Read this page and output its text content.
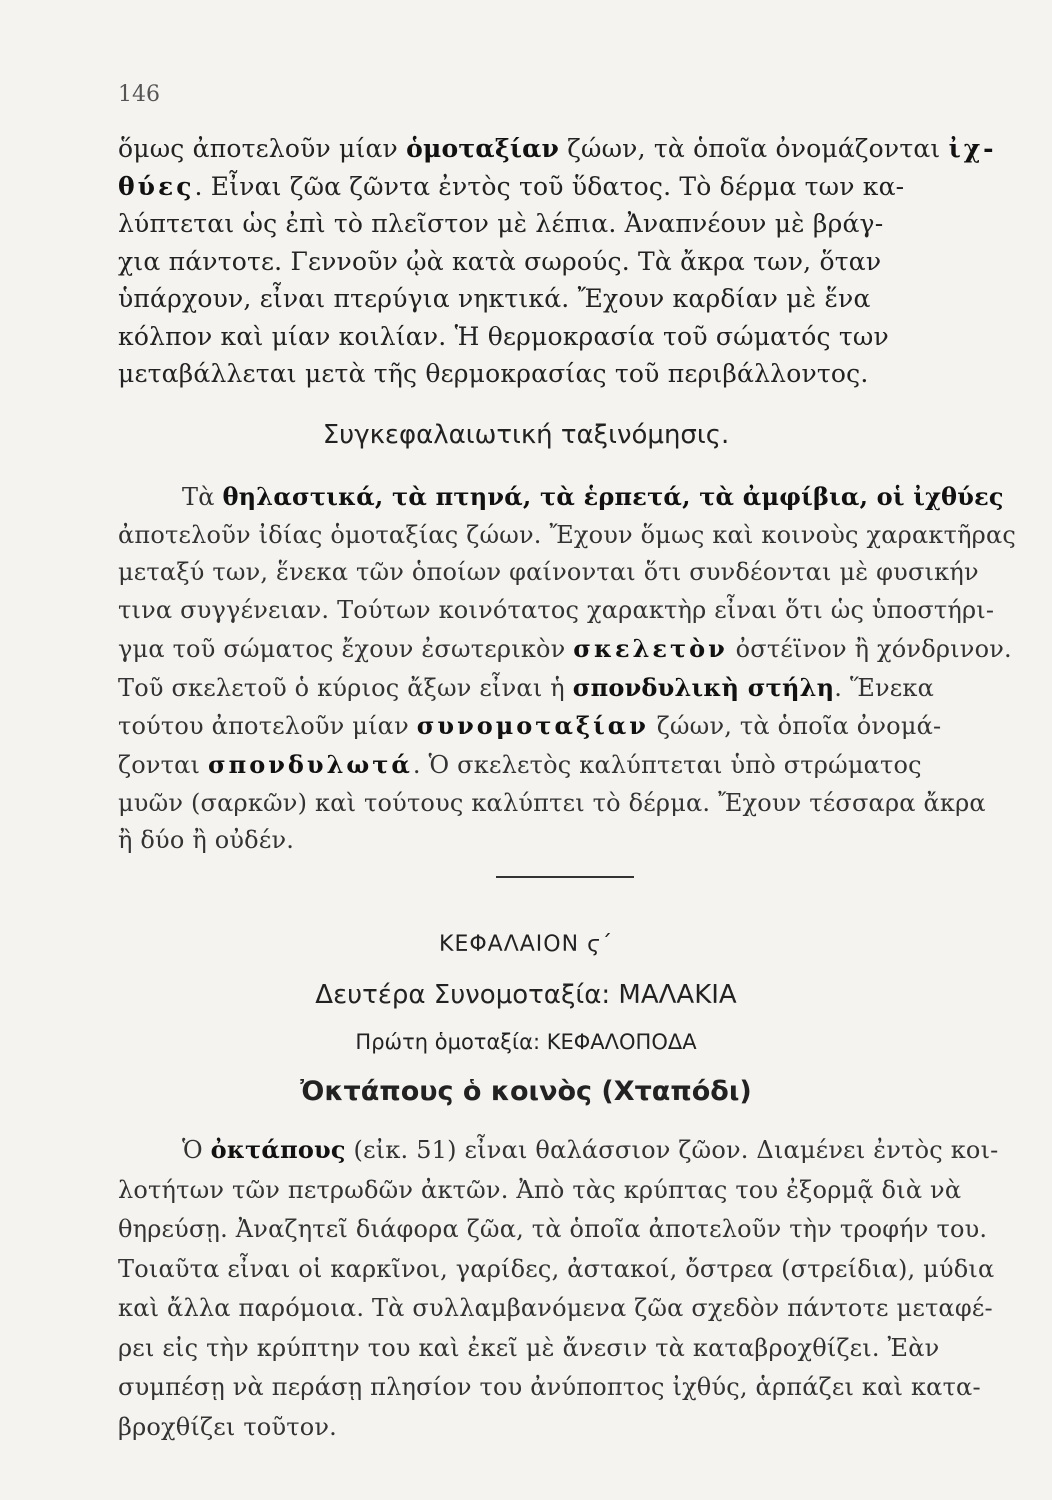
146
ὅμως ἀποτελοῦν μίαν ὁμοταξίαν ζώων, τὰ ὁποῖα ὀνομάζονται ἰχ-
θύες. Εἶναι ζῶα ζῶντα ἐντὸς τοῦ ὕδατος. Τὸ δέρμα των κα-
λύπτεται ὡς ἐπὶ τὸ πλεῖστον μὲ λέπια. Ἀναπνέουν μὲ βράγ-
χια πάντοτε. Γεννοῦν ᾠὰ κατὰ σωρούς. Τὰ ἄκρα των, ὅταν
ὑπάρχουν, εἶναι πτερύγια νηκτικά. Ἔχουν καρδίαν μὲ ἕνα
κόλπον καὶ μίαν κοιλίαν. Ἡ θερμοκρασία τοῦ σώματός των
μεταβάλλεται μετὰ τῆς θερμοκρασίας τοῦ περιβάλλοντος.
Συγκεφαλαιωτική ταξινόμησις.
Τὰ θηλαστικά, τὰ πτηνά, τὰ ἑρπετά, τὰ ἀμφίβια, οἱ ἰχθύες
ἀποτελοῦν ἰδίας ὁμοταξίας ζώων. Ἔχουν ὅμως καὶ κοινοὺς χαρακτῆρας
μεταξύ των, ἕνεκα τῶν ὁποίων φαίνονται ὅτι συνδέονται μὲ φυσικήν
τινα συγγένειαν. Τούτων κοινότατος χαρακτὴρ εἶναι ὅτι ὡς ὑποστήρι-
γμα τοῦ σώματος ἔχουν ἐσωτερικὸν σκελετὸν ὀστέϊνον ἢ χόνδρινον.
Τοῦ σκελετοῦ ὁ κύριος ἄξων εἶναι ἡ σπονδυλικὴ στήλη. Ἕνεκα
τούτου ἀποτελοῦν μίαν συνομοταξίαν ζώων, τὰ ὁποῖα ὀνομά-
ζονται σπονδυλωτά. Ὁ σκελετὸς καλύπτεται ὑπὸ στρώματος
μυῶν (σαρκῶν) καὶ τούτους καλύπτει τὸ δέρμα. Ἔχουν τέσσαρα ἄκρα
ἢ δύο ἢ οὐδέν.
ΚΕΦΑΛΑΙΟΝ ϛ΄
Δευτέρα Συνομοταξία: ΜΑΛΑΚΙΑ
Πρώτη ὁμοταξία: ΚΕΦΑΛΟΠΟΔΑ
Ὀκτάπους ὁ κοινὸς (Χταπόδι)
Ὁ ὀκτάπους (εἰκ. 51) εἶναι θαλάσσιον ζῶον. Διαμένει ἐντὸς κοι-
λοτήτων τῶν πετρωδῶν ἀκτῶν. Ἀπὸ τὰς κρύπτας του ἐξορμᾷ διὰ νὰ
θηρεύσῃ. Ἀναζητεῖ διάφορα ζῶα, τὰ ὁποῖα ἀποτελοῦν τὴν τροφήν του.
Τοιαῦτα εἶναι οἱ καρκῖνοι, γαρίδες, ἀστακοί, ὄστρεα (στρείδια), μύδια
καὶ ἄλλα παρόμοια. Τὰ συλλαμβανόμενα ζῶα σχεδὸν πάντοτε μεταφέ-
ρει εἰς τὴν κρύπτην του καὶ ἐκεῖ μὲ ἄνεσιν τὰ καταβροχθίζει. Ἐὰν
συμπέσῃ νὰ περάσῃ πλησίον του ἀνύποπτος ἰχθύς, ἁρπάζει καὶ κατα-
βροχθίζει τοῦτον.
